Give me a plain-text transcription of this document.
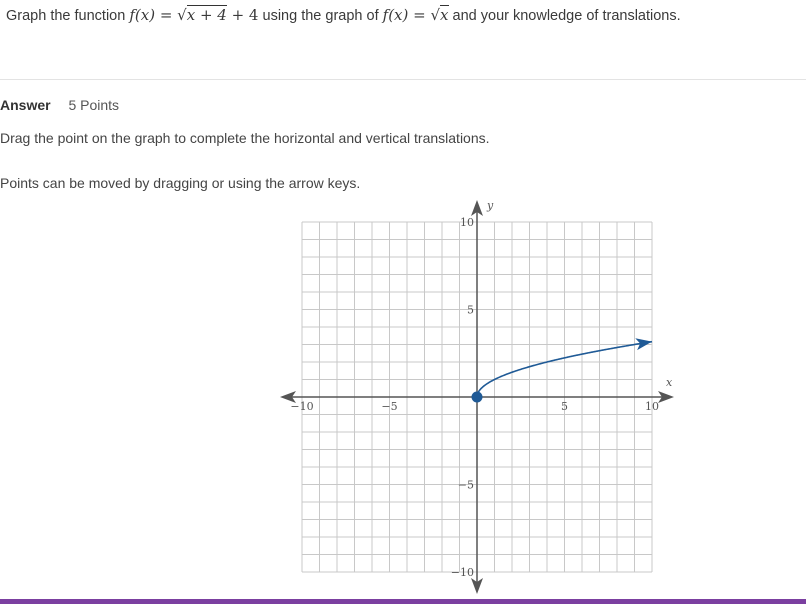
Graph the function f(x) = √x + 4 + 4 using the graph of f(x) = √x and your knowledge of translations.
Answer 5 Points
Drag the point on the graph to complete the horizontal and vertical translations.
Points can be moved by dragging or using the arrow keys.
−10	−5	5	10
10
5
−5
−10
x
y
